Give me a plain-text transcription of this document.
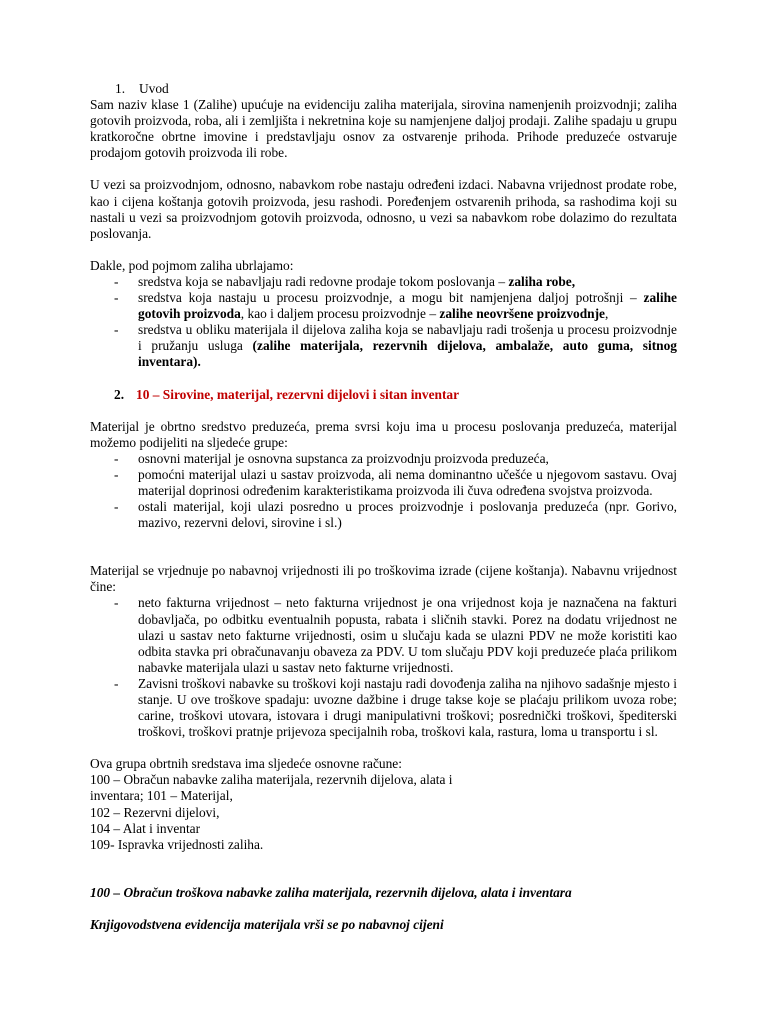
1. Uvod

Sam naziv klase 1 (Zalihe) upućuje na evidenciju zaliha materijala, sirovina namenjenih proizvodnji; zaliha gotovih proizvoda, roba, ali i zemljišta i nekretnina koje su namjenjene daljoj prodaji. Zalihe spadaju u grupu kratkoročne obrtne imovine i predstavljaju osnov za ostvarenje prihoda. Prihode preduzeće ostvaruje prodajom gotovih proizvoda ili robe.

U vezi sa proizvodnjom, odnosno, nabavkom robe nastaju određeni izdaci. Nabavna vrijednost prodate robe, kao i cijena koštanja gotovih proizvoda, jesu rashodi. Poređenjem ostvarenih prihoda, sa rashodima koji su nastali u vezi sa proizvodnjom gotovih proizvoda, odnosno, u vezi sa nabavkom robe dolazimo do rezultata poslovanja.

Dakle, pod pojmom zaliha ubrlajamo:

- sredstva koja se nabavljaju radi redovne prodaje tokom poslovanja – zaliha robe,
- sredstva koja nastaju u procesu proizvodnje, a mogu bit namjenjena daljoj potrošnji – zalihe gotovih proizvoda, kao i daljem procesu proizvodnje – zalihe neovršene proizvodnje,
- sredstva u obliku materijala il dijelova zaliha koja se nabavljaju radi trošenja u procesu proizvodnje i pružanju usluga (zalihe materijala, rezervnih dijelova, ambalaže, auto guma, sitnog inventara).

2. 10 – Sirovine, materijal, rezervni dijelovi i sitan inventar

Materijal je obrtno sredstvo preduzeća, prema svrsi koju ima u procesu poslovanja preduzeća, materijal možemo podijeliti na sljedeće grupe:

- osnovni materijal je osnovna supstanca za proizvodnju proizvoda preduzeća,
- pomoćni materijal ulazi u sastav proizvoda, ali nema dominantno učešće u njegovom sastavu. Ovaj materijal doprinosi određenim karakteristikama proizvoda ili čuva određena svojstva proizvoda.
- ostali materijal, koji ulazi posredno u proces proizvodnje i poslovanja preduzeća (npr. Gorivo, mazivo, rezervni delovi, sirovine i sl.)

Materijal se vrjednuje po nabavnoj vrijednosti ili po troškovima izrade (cijene koštanja). Nabavnu vrijednost čine:

- neto fakturna vrijednost – neto fakturna vrijednost je ona vrijednost koja je naznačena na fakturi dobavljača, po odbitku eventualnih popusta, rabata i sličnih stavki. Porez na dodatu vrijednost ne ulazi u sastav neto fakturne vrijednosti, osim u slučaju kada se ulazni PDV ne može koristiti kao odbita stavka pri obračunavanju obaveza za PDV. U tom slučaju PDV koji preduzeće plaća prilikom nabavke materijala ulazi u sastav neto fakturne vrijednosti.
- Zavisni troškovi nabavke su troškovi koji nastaju radi dovođenja zaliha na njihovo sadašnje mjesto i stanje. U ove troškove spadaju: uvozne dažbine i druge takse koje se plaćaju prilikom uvoza robe; carine, troškovi utovara, istovara i drugi manipulativni troškovi; posrednički troškovi, špediterski troškovi, troškovi pratnje prijevoza specijalnih roba, troškovi kala, rastura, loma u transportu i sl.

Ova grupa obrtnih sredstava ima sljedeće osnovne račune:

100 – Obračun nabavke zaliha materijala, rezervnih dijelova, alata i

inventara; 101 – Materijal,

102 – Rezervni dijelovi,

104 – Alat i inventar

109- Ispravka vrijednosti zaliha.

100 – Obračun troškova nabavke zaliha materijala, rezervnih dijelova, alata i inventara

Knjigovodstvena evidencija materijala vrši se po nabavnoj cijeni
